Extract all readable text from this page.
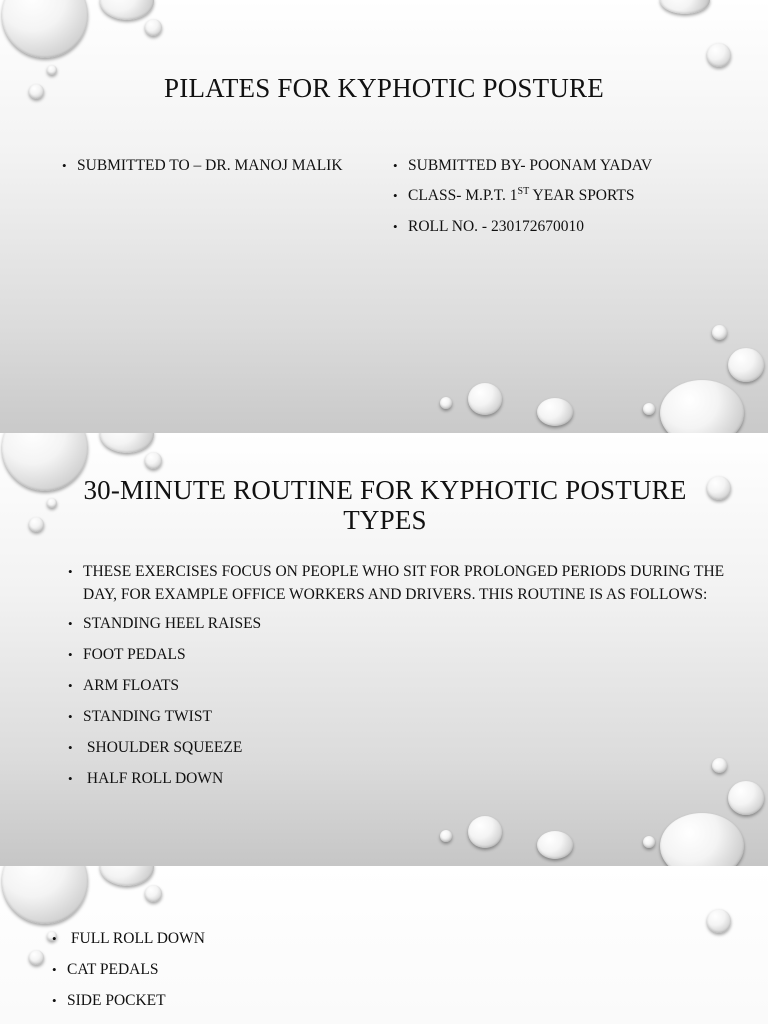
PILATES FOR KYPHOTIC POSTURE
• SUBMITTED TO – DR. MANOJ MALIK
•	SUBMITTED BY- POONAM YADAV
• CLASS- M.P.T. 1ST YEAR SPORTS
• ROLL NO. - 230172670010
30-MINUTE ROUTINE FOR KYPHOTIC POSTURE
TYPES
• THESE EXERCISES FOCUS ON PEOPLE WHO SIT FOR PROLONGED PERIODS DURING THE DAY, FOR EXAMPLE OFFICE WORKERS AND DRIVERS. THIS ROUTINE IS AS FOLLOWS:
• STANDING HEEL RAISES
• FOOT PEDALS
• ARM FLOATS
• STANDING TWIST
•  SHOULDER SQUEEZE
•  HALF ROLL DOWN
•  FULL ROLL DOWN
• CAT PEDALS
• SIDE POCKET
